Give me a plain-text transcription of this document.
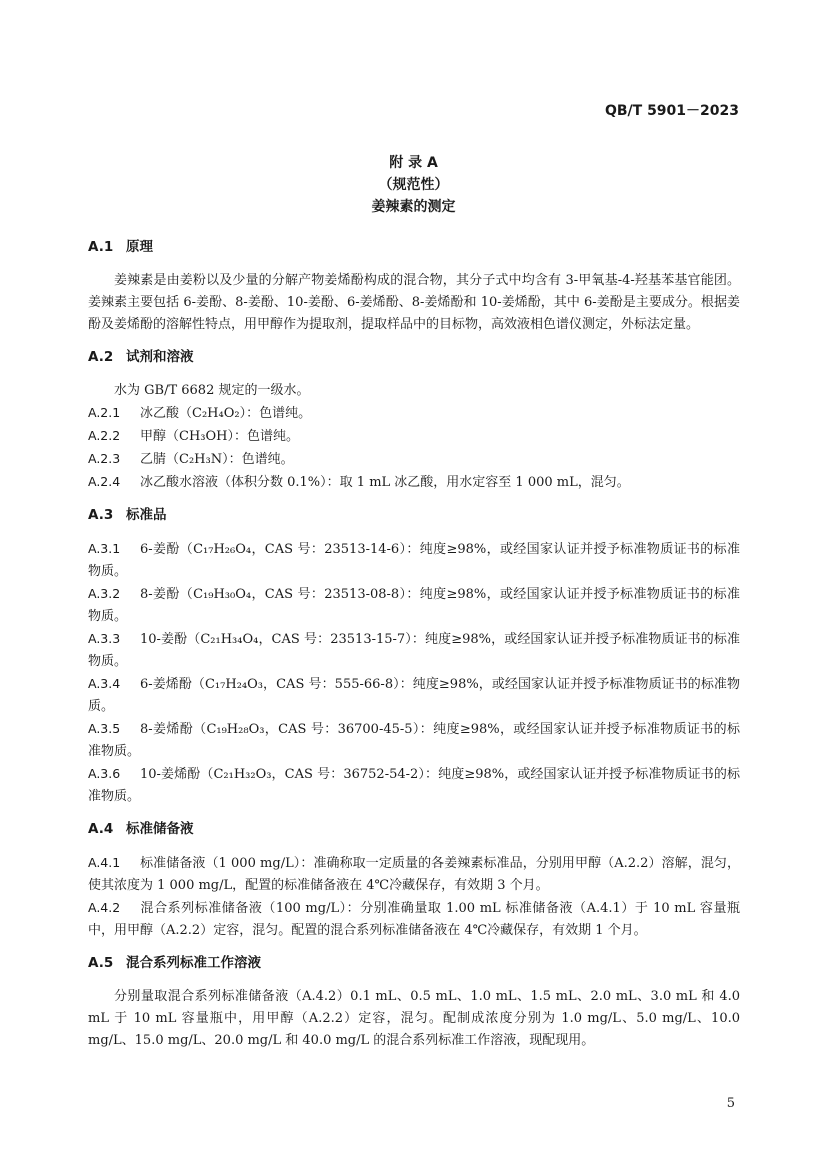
QB/T 5901－2023
附 录 A
（规范性）
姜辣素的测定
A.1 原理

姜辣素是由姜粉以及少量的分解产物姜烯酚构成的混合物，其分子式中均含有 3-甲氧基-4-羟基苯基官能团。姜辣素主要包括 6-姜酚、8-姜酚、10-姜酚、6-姜烯酚、8-姜烯酚和 10-姜烯酚，其中 6-姜酚是主要成分。根据姜酚及姜烯酚的溶解性特点，用甲醇作为提取剂，提取样品中的目标物，高效液相色谱仪测定，外标法定量。

A.2 试剂和溶液

水为 GB/T 6682 规定的一级水。

A.2.1 冰乙酸（C₂H₄O₂）：色谱纯。

A.2.2 甲醇（CH₃OH）：色谱纯。

A.2.3 乙腈（C₂H₃N）：色谱纯。

A.2.4 冰乙酸水溶液（体积分数 0.1%）：取 1 mL 冰乙酸，用水定容至 1 000 mL，混匀。

A.3 标准品

A.3.1 6-姜酚（C₁₇H₂₆O₄，CAS 号：23513-14-6）：纯度≥98%，或经国家认证并授予标准物质证书的标准物质。

A.3.2 8-姜酚（C₁₉H₃₀O₄，CAS 号：23513-08-8）：纯度≥98%，或经国家认证并授予标准物质证书的标准物质。

A.3.3 10-姜酚（C₂₁H₃₄O₄，CAS 号：23513-15-7）：纯度≥98%，或经国家认证并授予标准物质证书的标准物质。

A.3.4 6-姜烯酚（C₁₇H₂₄O₃，CAS 号：555-66-8）：纯度≥98%，或经国家认证并授予标准物质证书的标准物质。

A.3.5 8-姜烯酚（C₁₉H₂₈O₃，CAS 号：36700-45-5）：纯度≥98%，或经国家认证并授予标准物质证书的标准物质。

A.3.6 10-姜烯酚（C₂₁H₃₂O₃，CAS 号：36752-54-2）：纯度≥98%，或经国家认证并授予标准物质证书的标准物质。

A.4 标准储备液

A.4.1 标准储备液（1 000 mg/L）：准确称取一定质量的各姜辣素标准品，分别用甲醇（A.2.2）溶解，混匀，使其浓度为 1 000 mg/L，配置的标准储备液在 4℃冷藏保存，有效期 3 个月。

A.4.2 混合系列标准储备液（100 mg/L）：分别准确量取 1.00 mL 标准储备液（A.4.1）于 10 mL 容量瓶中，用甲醇（A.2.2）定容，混匀。配置的混合系列标准储备液在 4℃冷藏保存，有效期 1 个月。

A.5 混合系列标准工作溶液

分别量取混合系列标准储备液（A.4.2）0.1 mL、0.5 mL、1.0 mL、1.5 mL、2.0 mL、3.0 mL 和 4.0 mL 于 10 mL 容量瓶中，用甲醇（A.2.2）定容，混匀。配制成浓度分别为 1.0 mg/L、5.0 mg/L、10.0 mg/L、15.0 mg/L、20.0 mg/L 和 40.0 mg/L 的混合系列标准工作溶液，现配现用。

5
